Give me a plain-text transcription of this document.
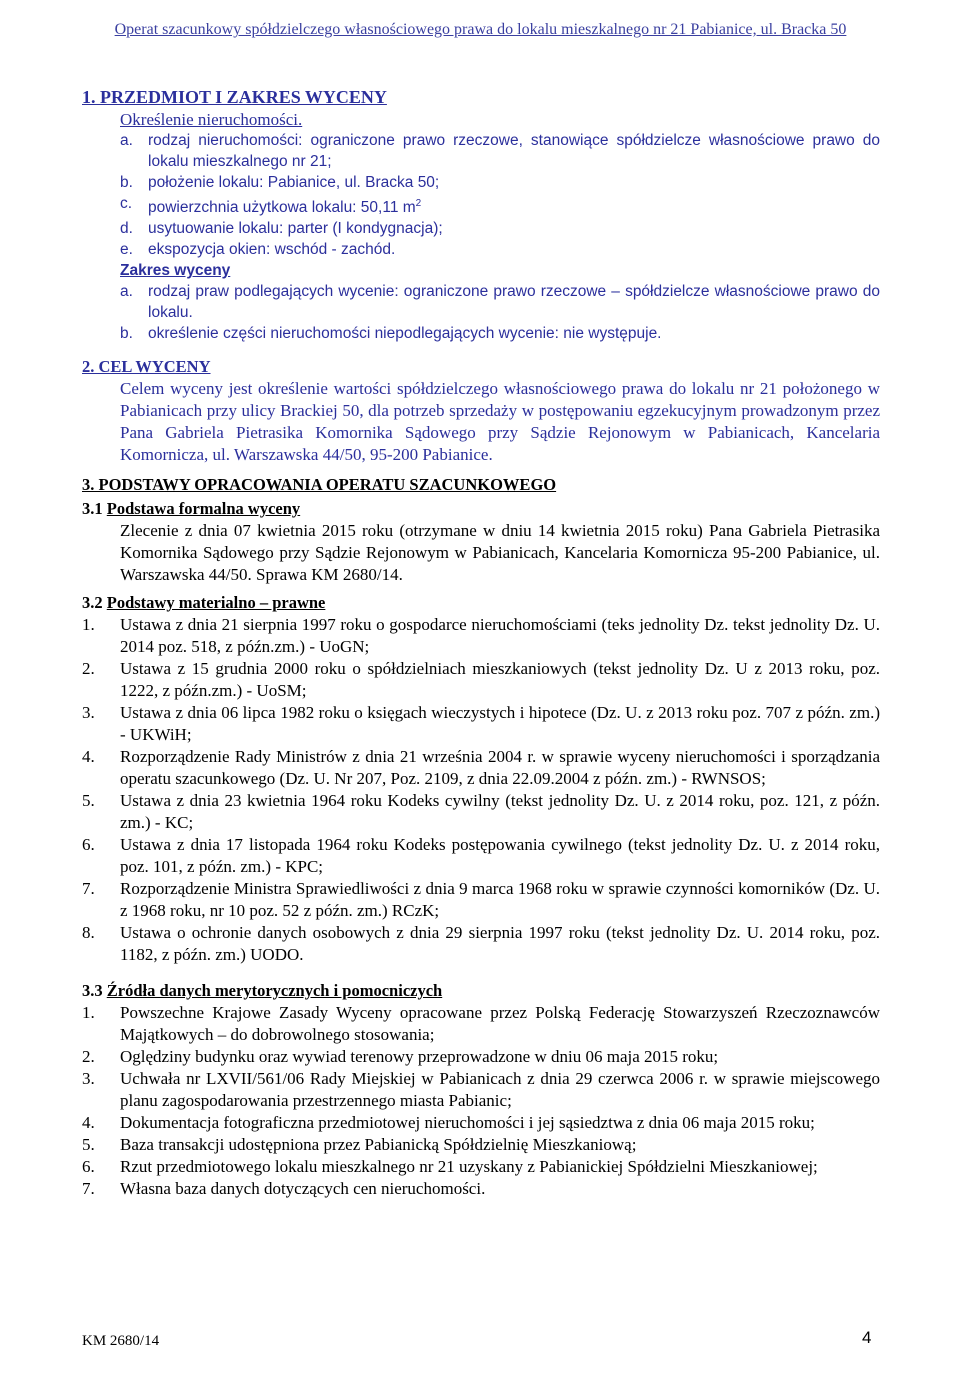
Operat szacunkowy spółdzielczego własnościowego prawa do lokalu mieszkalnego nr 21 Pabianice, ul. Bracka 50
1. PRZEDMIOT I ZAKRES WYCENY
Określenie nieruchomości.
a. rodzaj nieruchomości: ograniczone prawo rzeczowe, stanowiące spółdzielcze własnościowe prawo do lokalu mieszkalnego nr 21;
b. położenie lokalu: Pabianice, ul. Bracka 50;
c.	powierzchnia użytkowa lokalu: 50,11 $m^2$
d. usytuowanie lokalu: parter (I kondygnacja);
e. ekspozycja okien: wschód - zachód.
Zakres wyceny
a. rodzaj praw podlegających wycenie: ograniczone prawo rzeczowe – spółdzielcze własnościowe prawo do lokalu.
b. określenie części nieruchomości niepodlegających wycenie: nie występuje.
2. CEL WYCENY
Celem wyceny jest określenie wartości spółdzielczego własnościowego prawa do lokalu nr 21 położonego w Pabianicach przy ulicy Brackiej 50, dla potrzeb sprzedaży w postępowaniu egzekucyjnym prowadzonym przez Pana Gabriela Pietrasika Komornika Sądowego przy Sądzie Rejonowym w Pabianicach, Kancelaria Komornicza, ul. Warszawska 44/50, 95-200 Pabianice.
3. PODSTAWY OPRACOWANIA OPERATU SZACUNKOWEGO
3.1 Podstawa formalna wyceny
Zlecenie z dnia 07 kwietnia 2015 roku (otrzymane w dniu 14 kwietnia 2015 roku) Pana Gabriela Pietrasika Komornika Sądowego przy Sądzie Rejonowym w Pabianicach, Kancelaria Komornicza 95-200 Pabianice, ul. Warszawska 44/50. Sprawa KM 2680/14.
3.2 Podstawy materialno – prawne
1.	Ustawa z dnia 21 sierpnia 1997 roku o gospodarce nieruchomościami (teks jednolity Dz. tekst jednolity Dz. U. 2014 poz. 518, z późn.zm.) - UoGN;
2.	Ustawa z 15 grudnia 2000 roku o spółdzielniach mieszkaniowych (tekst jednolity Dz. U z 2013 roku, poz. 1222, z późn.zm.) - UoSM;
3.	Ustawa z dnia 06 lipca 1982 roku o księgach wieczystych i hipotece (Dz. U. z 2013 roku poz. 707 z późn. zm.) - UKWiH;
4.	Rozporządzenie Rady Ministrów z dnia 21 września 2004 r. w sprawie wyceny nieruchomości i sporządzania operatu szacunkowego (Dz. U. Nr 207, Poz. 2109, z dnia 22.09.2004 z późn. zm.) - RWNSOS;
5.	Ustawa z dnia 23 kwietnia 1964 roku Kodeks cywilny (tekst jednolity Dz. U. z 2014 roku, poz. 121, z późn. zm.) - KC;
6.	Ustawa z dnia 17 listopada 1964 roku Kodeks postępowania cywilnego (tekst jednolity Dz. U. z 2014 roku, poz. 101, z późn. zm.) - KPC;
7.	Rozporządzenie Ministra Sprawiedliwości z dnia 9 marca 1968 roku w sprawie czynności komorników (Dz. U. z 1968 roku, nr 10 poz. 52 z późn. zm.) RCzK;
8.	Ustawa o ochronie danych osobowych z dnia 29 sierpnia 1997 roku (tekst jednolity Dz. U. 2014 roku, poz. 1182, z późn. zm.) UODO.
3.3 Źródła danych merytorycznych i pomocniczych
1.	Powszechne Krajowe Zasady Wyceny opracowane przez Polską Federację Stowarzyszeń Rzeczoznawców Majątkowych – do dobrowolnego stosowania;
2.	Oględziny budynku oraz wywiad terenowy przeprowadzone w dniu 06 maja 2015 roku;
3.	Uchwała nr LXVII/561/06 Rady Miejskiej w Pabianicach z dnia 29 czerwca 2006 r. w sprawie miejscowego planu zagospodarowania przestrzennego miasta Pabianic;
4.	Dokumentacja fotograficzna przedmiotowej nieruchomości i jej sąsiedztwa z dnia 06 maja 2015 roku;
5.	Baza transakcji udostępniona przez Pabianicką Spółdzielnię Mieszkaniową;
6.	Rzut przedmiotowego lokalu mieszkalnego nr 21 uzyskany z Pabianickiej Spółdzielni Mieszkaniowej;
7.	Własna baza danych dotyczących cen nieruchomości.
KM 2680/14	4
